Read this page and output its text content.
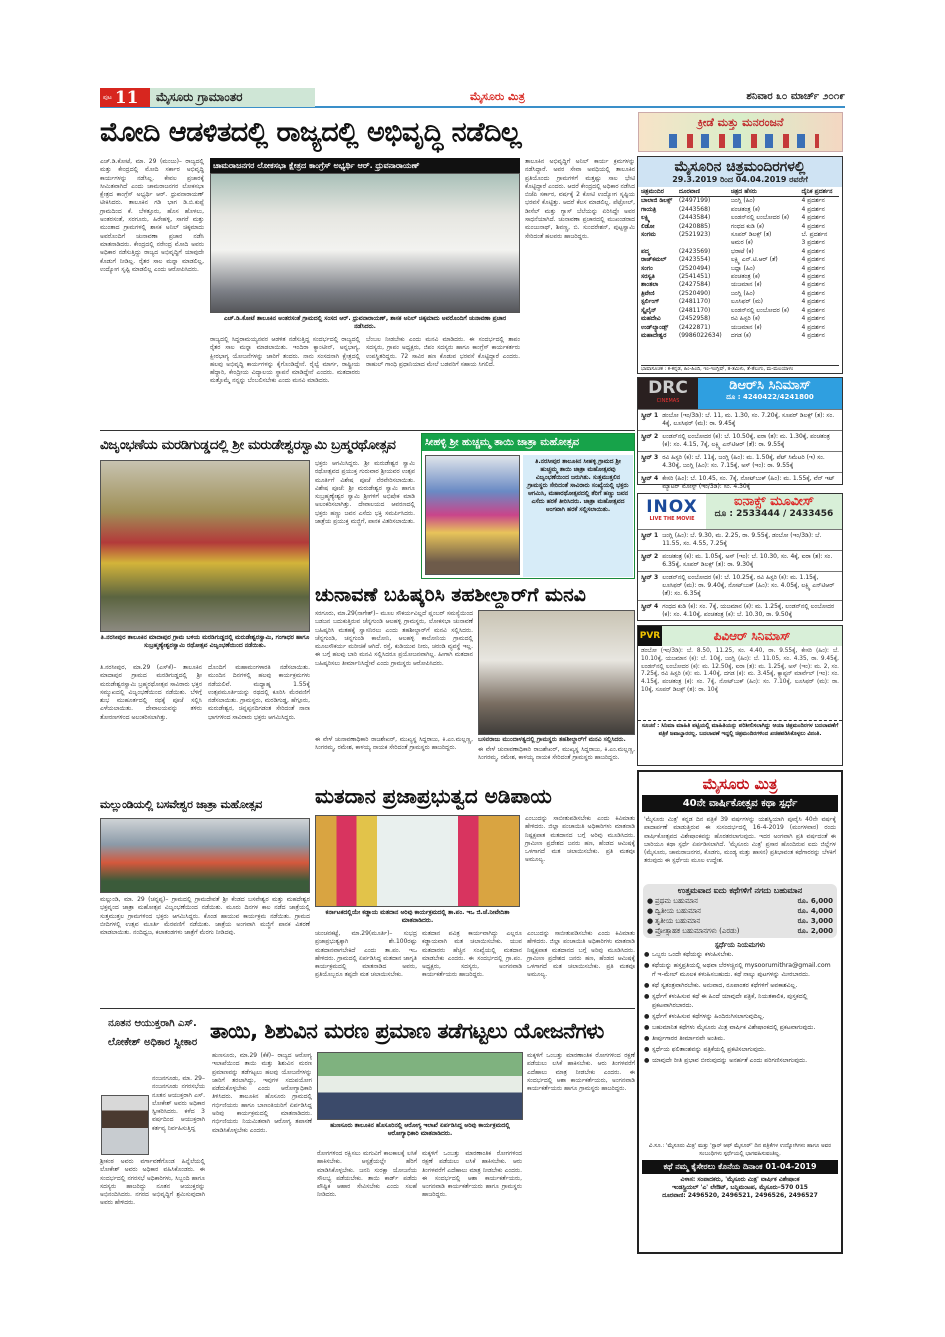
ಪುಟ 11	ಮೈಸೂರು ಗ್ರಾಮಾಂತರ	ಮೈಸೂರು ಮಿತ್ರ	ಶನಿವಾರ ೩೦ ಮಾರ್ಚ್ ೨೦೧೯
ಮೋದಿ ಆಡಳಿತದಲ್ಲಿ ರಾಜ್ಯದಲ್ಲಿ ಅಭಿವೃದ್ಧಿ ನಡೆದಿಲ್ಲ	ಕ್ರೀಡೆ ಮತ್ತು ಮನರಂಜನೆ
ಎಚ್.ಡಿ.ಕೋಟೆ, ಮಾ. 29 (ಮಂಜು)– ರಾಜ್ಯದಲ್ಲಿ ಮತ್ತು ಕೇಂದ್ರದಲ್ಲಿ ಮೋದಿ ಸರ್ಕಾರ ಅಭಿವೃದ್ಧಿ ಕಾರ್ಯಗಳನ್ನು ನಡೆಸಿಲ್ಲ. ಕೇವಲ ಪ್ರಚಾರಕ್ಕೆ ಸೀಮಿತವಾಗಿದೆ ಎಂದು ಚಾಮರಾಜನಗರ ಲೋಕಸಭಾ ಕ್ಷೇತ್ರದ ಕಾಂಗ್ರೆಸ್ ಅಭ್ಯರ್ಥಿ ಆರ್. ಧ್ರುವನಾರಾಯಣ್ ಟೀಕಿಸಿದರು. ತಾಲೂಕಿನ ಗಡಿ ಭಾಗ ಡಿ.ಬಿ.ಕುಪ್ಪೆ ಗ್ರಾಮದಿಂದ ಕೆ. ಬೆಳತ್ತೂರು, ಹೊಸ ಹೊಳಲು, ಅಂತರಸಂತೆ, ಸರಗೂರು, ಹಿರೇಹಳ್ಳಿ, ಸಾಗರೆ ಮತ್ತು ಮುಂತಾದ ಗ್ರಾಮಗಳಲ್ಲಿ ಶಾಸಕ ಅನಿಲ್ ಚಿಕ್ಕಮಾದು ಅವರೊಂದಿಗೆ ಚುನಾವಣಾ ಪ್ರಚಾರ ನಡೆಸಿ ಮಾತನಾಡಿದರು. ಕೇಂದ್ರದಲ್ಲಿ ನರೇಂದ್ರ ಮೋದಿ ಅವರು ಅಧಿಕಾರ ನಡೆಸುತ್ತಿದ್ದು ರಾಜ್ಯದ ಅಭಿವೃದ್ಧಿಗೆ ಯಾವುದೇ ಕೊಡುಗೆ ನೀಡಿಲ್ಲ. ರೈತರ ಸಾಲ ಮನ್ನಾ ಮಾಡಲಿಲ್ಲ, ಉದ್ಯೋಗ ಸೃಷ್ಟಿ ಮಾಡಲಿಲ್ಲ ಎಂದು ಆರೋಪಿಸಿದರು.
ಚಾಮರಾಜನಗರ ಲೋಕಸಭಾ ಕ್ಷೇತ್ರದ ಕಾಂಗ್ರೆಸ್ ಅಭ್ಯರ್ಥಿ ಆರ್. ಧ್ರುವನಾರಾಯಣ್
ಎಚ್.ಡಿ.ಕೋಟೆ ತಾಲೂಕಿನ ಅಂತರಸಂತೆ ಗ್ರಾಮದಲ್ಲಿ ಸಂಸದ ಆರ್. ಧ್ರುವನಾರಾಯಣ್, ಶಾಸಕ ಅನಿಲ್ ಚಿಕ್ಕಮಾದು ಅವರೊಂದಿಗೆ ಚುನಾವಣಾ ಪ್ರಚಾರ ನಡೆಸಿದರು.
ರಾಜ್ಯದಲ್ಲಿ ಸಿದ್ದರಾಮಯ್ಯನವರ ಆಡಳಿತ ನಡೆಸುತ್ತಿದ್ದ ಸಂದರ್ಭದಲ್ಲಿ ರಾಜ್ಯದಲ್ಲಿ ರೈತರ ಸಾಲ ಮನ್ನಾ ಮಾಡಲಾಯಿತು. ಇಂದಿರಾ ಕ್ಯಾಂಟೀನ್, ಅನ್ನಭಾಗ್ಯ, ಕ್ಷೀರಭಾಗ್ಯ ಯೋಜನೆಗಳನ್ನು ಜಾರಿಗೆ ತಂದರು. ನಾನು ಸಂಸದನಾಗಿ ಕ್ಷೇತ್ರದಲ್ಲಿ ಹಲವು ಅಭಿವೃದ್ಧಿ ಕಾರ್ಯಗಳನ್ನು ಕೈಗೊಂಡಿದ್ದೇನೆ. ರೈಲ್ವೆ ಮಾರ್ಗ, ರಾಷ್ಟ್ರೀಯ ಹೆದ್ದಾರಿ, ಕೇಂದ್ರೀಯ ವಿದ್ಯಾಲಯ ಸ್ಥಾಪನೆ ಮಾಡಿದ್ದೇನೆ ಎಂದರು. ಮತದಾರರು ಮತ್ತೊಮ್ಮೆ ನನ್ನನ್ನು ಬೆಂಬಲಿಸಬೇಕು ಎಂದು ಮನವಿ ಮಾಡಿದರು.
ಬೆಂಬಲ ನೀಡಬೇಕು ಎಂದು ಮನವಿ ಮಾಡಿದರು. ಈ ಸಂದರ್ಭದಲ್ಲಿ ತಾಪಂ ಸದಸ್ಯರು, ಗ್ರಾಪಂ ಅಧ್ಯಕ್ಷರು, ಜಿಪಂ ಸದಸ್ಯರು ಹಾಗೂ ಕಾಂಗ್ರೆಸ್ ಕಾರ್ಯಕರ್ತರು ಉಪಸ್ಥಿತರಿದ್ದರು. 72 ಸಾವಿರ ಹಣ ಕೊಡುವ ಭರವಸೆ ಕೊಟ್ಟಿದ್ದಾರೆ ಎಂದರು. ರಾಹುಲ್ ಗಾಂಧಿ ಪ್ರಧಾನಿಯಾದ ಮೇಲೆ ಬಡವರಿಗೆ ಸಹಾಯ ಸಿಗಲಿದೆ.
ತಾಲೂಕಿನ ಅಭಿವೃದ್ಧಿಗೆ ಅನಿಲ್ ಕಾರ್ಯ ಕ್ರಮಗಳನ್ನು ನಡೆಸಿದ್ದಾರೆ. ಅವರ ಸೇವಾ ಅವಧಿಯಲ್ಲಿ ತಾಲೂಕಿನ ಪ್ರತಿಯೊಂದು ಗ್ರಾಮಗಳಿಗೆ ಮತ್ತಷ್ಟು ಸಾಲ ಭೇಟಿ ಕೊಟ್ಟಿದ್ದಾರೆ ಎಂದರು. ಆದರೆ ಕೇಂದ್ರದಲ್ಲಿ ಅಧಿಕಾರ ನಡೆಸಿದ ಬಿಜೆಪಿ ಸರ್ಕಾರ, ವರ್ಷಕ್ಕೆ 2 ಕೋಟಿ ಉದ್ಯೋಗ ಸೃಷ್ಟಿಯ ಭರವಸೆ ಕೊಟ್ಟಿತ್ತು. ಆದರೆ ಕೆಲಸ ಮಾಡಲಿಲ್ಲ. ಪೆಟ್ರೋಲ್, ಡೀಸೆಲ್ ಮತ್ತು ಗ್ಯಾಸ್ ಬೆಲೆಯನ್ನು ಏರಿಸಿದ್ದೇ ಅವರ ಸಾಧನೆಯಾಗಿದೆ. ಚುನಾವಣಾ ಪ್ರಚಾರದಲ್ಲಿ ಮುಖಂಡರಾದ ಮಂಜುನಾಥ್, ಶಿವಣ್ಣ, ಬಿ. ಸುಂದರೇಶನ್, ಪುಟ್ಟಸ್ವಾಮಿ ಸೇರಿದಂತೆ ಹಲವರು ಹಾಜರಿದ್ದರು.
ಮೈಸೂರಿನ ಚಿತ್ರಮಂದಿರಗಳಲ್ಲಿ
29.3.2019 ರಿಂದ 04.04.2019 ರವರೆಗೆ
ಚಿತ್ರಮಂದಿರ	ದೂರವಾಣಿ	ಚಿತ್ರದ ಹೆಸರು	ದೈನಿಕ ಪ್ರದರ್ಶನ
ಬಾಲಾಜಿ ಡಿಲಕ್ಸ್	(2497199)	ಜಂಗ್ಲಿ (ಹಿಂ)	4 ಪ್ರದರ್ಶನ
ಗಾಯತ್ರಿ	(2443568)	ಪಂಚತಂತ್ರ (ಕ)	4 ಪ್ರದರ್ಶನ
ಲಕ್ಷ್ಮಿ	(2443584)	ಲಂಡನ್‌ನಲ್ಲಿ ಲಂಬೋದರ (ಕ)	4 ಪ್ರದರ್ಶನ
ಲಿಡೋ	(2420885)	ಗಂಧದ ಕುಡಿ (ಕ)	4 ಪ್ರದರ್ಶನ
ಸಂಗಮ	(2521923)	ಸೂಪರ್ ಡಿಲಕ್ಸ್ (ತ)	ಬೆ. ಪ್ರದರ್ಶನ
		ಅಮರ (ಕ)	3 ಪ್ರದರ್ಶನ
ಪದ್ಮ	(2423569)	ಭರಾಟೆ (ಕ)	4 ಪ್ರದರ್ಶನ
ರಾಜ್‌ಕಮಲ್	(2423554)	ಲಕ್ಷ್ಮಿ ಎನ್.ಟಿ.ಆರ್ (ತೆ)	4 ಪ್ರದರ್ಶನ
ಸಂಗಂ	(2520494)	ಬದ್ಲಾ (ಹಿಂ)	4 ಪ್ರದರ್ಶನ
ಸರಸ್ವತಿ	(2541451)	ಪಂಚತಂತ್ರ (ಕ)	4 ಪ್ರದರ್ಶನ
ಶಾಂತಲಾ	(2427584)	ಯಜಮಾನ (ಕ)	4 ಪ್ರದರ್ಶನ
ತ್ರಿವೇಣಿ	(2520490)	ಜಂಗ್ಲಿ (ಹಿಂ)	4 ಪ್ರದರ್ಶನ
ಸ್ಟರ್ಲಿಂಗ್	(2481170)	ಲೂಸಿಫರ್ (ಮ)	4 ಪ್ರದರ್ಶನ
ಸ್ಕೈಲೈನ್	(2481170)	ಲಂಡನ್‌ನಲ್ಲಿ ಲಂಬೋದರ (ಕ)	4 ಪ್ರದರ್ಶನ
ಮಹದೇವಿ	(2452958)	ರವಿ ಹಿಸ್ಟರಿ (ಕ)	4 ಪ್ರದರ್ಶನ
ಉಡ್‌ಲ್ಯಾಂಡ್ಸ್	(2422871)	ಯಜಮಾನ (ಕ)	4 ಪ್ರದರ್ಶನ
ಮಹಾದೇಶ್ವರ	(9986022634)	ದಗಡ (ಕ)	4 ಪ್ರದರ್ಶನ
ಭಾಷಾಸೂಚಕ : ಕ-ಕನ್ನಡ, ಹಿಂ-ಹಿಂದಿ, ಇಂ-ಇಂಗ್ಲಿಷ್, ತ-ತಮಿಳು, ತೆ-ತೆಲುಗು, ಮ-ಮಲಯಾಳಂ
DRC
CINEMAS
ಡಿಆರ್‌ಸಿ ಸಿನಿಮಾಸ್
ದೂ : 4240422/4241800
ಸ್ಕ್ರೀನ್ 1 ಡಂಬೋ (ಇಂ/3ಡಿ): ಬೆ. 11, ಮ. 1.30, ಸಂ. 7.20ಕ್ಕೆ, ಸೂಪರ್ ಡಿಲಕ್ಸ್ (ತ): ಸಂ. 4ಕ್ಕೆ, ಲೂಸಿಫರ್ (ಮ): ರಾ. 9.45ಕ್ಕೆ
ಸ್ಕ್ರೀನ್ 2 ಲಂಡನ್‌ನಲ್ಲಿ ಲಂಬೋದರ (ಕ): ಬೆ. 10.50ಕ್ಕೆ, ಐರಾ (ತ): ಮ. 1.30ಕ್ಕೆ, ಪಂಚತಂತ್ರ (ಕ): ಸಂ. 4.15, 7ಕ್ಕೆ, ಲಕ್ಷ್ಮಿ ಎನ್‌ಟಿಆರ್ (ತೆ): ರಾ. 9.55ಕ್ಕೆ
ಸ್ಕ್ರೀನ್ 3 ರವಿ ಹಿಸ್ಟರಿ (ಕ): ಬೆ. 11ಕ್ಕೆ, ಜಂಗ್ಲಿ (ಹಿಂ): ಮ. 1.50ಕ್ಕೆ, ಪೆಟ್ ಸಿಮೆಟರಿ (ಇ) ಸಂ. 4.30ಕ್ಕೆ, ಜಂಗ್ಲಿ (ಹಿಂ): ಸಂ. 7.15ಕ್ಕೆ, ಅಸ್ (ಇಂ): ರಾ. 9.55ಕ್ಕೆ
ಸ್ಕ್ರೀನ್ 4 ಕೇಸರಿ (ಹಿಂ): ಬೆ. 10.45, ಸಂ. 7ಕ್ಕೆ, ನೋಟ್‌ಬುಕ್ (ಹಿಂ): ಮ. 1.55ಕ್ಕೆ, ವೆನ್ ಇಟ್ ಮ್ಯಾಟರ್ ಮೋಸ್ಟ್ (ಇಂ/3ಡಿ): ಸಂ. 4.30ಕ್ಕೆ
INOX
LIVE THE MOVIE
ಐನಾಕ್ಸ್ ಮೂವೀಸ್
ದೂ : 2533444 / 2433456
ಸ್ಕ್ರೀನ್ 1 ಜಂಗ್ಲಿ (ಹಿಂ): ಬೆ. 9.30, ಮ. 2.25, ರಾ. 9.55ಕ್ಕೆ, ಡಂಬೋ (ಇಂ/3ಡಿ): ಬೆ. 11.55, ಸಂ. 4.55, 7.25ಕ್ಕೆ
ಸ್ಕ್ರೀನ್ 2 ಪಂಚತಂತ್ರ (ಕ): ಮ. 1.05ಕ್ಕೆ, ಅಸ್ (ಇಂ): ಬೆ. 10.30, ಸಂ. 4ಕ್ಕೆ, ಐರಾ (ತ): ಸಂ. 6.35ಕ್ಕೆ, ಸೂಪರ್ ಡಿಲಕ್ಸ್ (ತ): ರಾ. 9.30ಕ್ಕೆ
ಸ್ಕ್ರೀನ್ 3 ಲಂಡನ್‌ನಲ್ಲಿ ಲಂಬೋದರ (ಕ): ಬೆ. 10.25ಕ್ಕೆ, ರವಿ ಹಿಸ್ಟರಿ (ಕ): ಮ. 1.15ಕ್ಕೆ, ಲೂಸಿಫರ್ (ಮ): ರಾ. 9.40ಕ್ಕೆ, ನೋಟ್‌ಬುಕ್ (ಹಿಂ): ಸಂ. 4.05ಕ್ಕೆ, ಲಕ್ಷ್ಮಿ ಎನ್‌ಟಿಆರ್ (ತೆ): ಸಂ. 6.35ಕ್ಕೆ
ಸ್ಕ್ರೀನ್ 4 ಗಂಧದ ಕುಡಿ (ಕ): ಸಂ. 7ಕ್ಕೆ, ಯಜಮಾನ (ಕ): ಮ. 1.25ಕ್ಕೆ, ಲಂಡನ್‌ನಲ್ಲಿ ಲಂಬೋದರ (ಕ): ಸಂ. 4.10ಕ್ಕೆ, ಪಂಚತಂತ್ರ (ಕ): ಬೆ. 10.30, ರಾ. 9.50ಕ್ಕೆ
PVR	ಪಿವಿಆರ್ ಸಿನಿಮಾಸ್
ಡಂಬೋ (ಇಂ/3ಡಿ): ಬೆ. 8.50, 11.25, ಸಂ. 4.40, ರಾ. 9.55ಕ್ಕೆ, ಕೇಸರಿ (ಹಿಂ): ಬೆ. 10.10ಕ್ಕೆ, ಯಜಮಾನ (ಕ): ಬೆ. 10ಕ್ಕೆ, ಜಂಗ್ಲಿ (ಹಿಂ): ಬೆ. 11.05, ಸಂ. 4.35, ರಾ. 9.45ಕ್ಕೆ, ಲಂಡನ್‌ನಲ್ಲಿ ಲಂಬೋದರ (ಕ): ಮ. 12.50ಕ್ಕೆ, ಐರಾ (ತ): ಮ. 1.25ಕ್ಕೆ, ಅಸ್ (ಇಂ): ಮ. 2, ಸಂ. 7.25ಕ್ಕೆ, ರವಿ ಹಿಸ್ಟರಿ (ಕ): ಮ. 1.40ಕ್ಕೆ, ದಗಡ (ಕ): ಮ. 3.45ಕ್ಕೆ, ಕ್ಯಾಪ್ಟನ್ ಮಾರ್ವೆಲ್ (ಇಂ): ಸಂ. 4.15ಕ್ಕೆ, ಪಂಚತಂತ್ರ (ಕ): ಸಂ. 7ಕ್ಕೆ, ನೋಟ್‌ಬುಕ್ (ಹಿಂ): ಸಂ. 7.10ಕ್ಕೆ, ಲೂಸಿಫರ್ (ಮ): ರಾ. 10ಕ್ಕೆ, ಸೂಪರ್ ಡಿಲಕ್ಸ್ (ತ): ರಾ. 10ಕ್ಕೆ
ಸೂಚನೆ : ಸಿನಿಮಾ ಮಾಹಿತಿ ಪಟ್ಟಿಯಲ್ಲಿ ಮಾಹಿತಿಯನ್ನು ಪರಿಶೀಲಿಸಲಾಗಿದ್ದು ಆಯಾ ಚಿತ್ರಮಂದಿರಗಳ ಬದಲಾವಣೆಗೆ ಪತ್ರಿಕೆ ಜವಾಬ್ದಾರರಲ್ಲ. ಬದಲಾವಣೆ ಇದ್ದಲ್ಲಿ ಚಿತ್ರಮಂದಿರಗಳಿಂದ ಖಚಿತಪಡಿಸಿಕೊಳ್ಳಲು ವಿನಂತಿ.
ಮೈಸೂರು ಮಿತ್ರ
40ನೇ ವಾರ್ಷಿಕೋತ್ಸವ ಕಥಾ ಸ್ಪರ್ಧೆ
'ಮೈಸೂರು ಮಿತ್ರ' ಕನ್ನಡ ದಿನ ಪತ್ರಿಕೆ 39 ವರ್ಷಗಳನ್ನು ಯಶಸ್ವಿಯಾಗಿ ಪೂರೈಸಿ 40ನೇ ವರ್ಷಕ್ಕೆ ಪಾದಾರ್ಪಣೆ ಮಾಡುತ್ತಿರುವ ಈ ಸುಸಂದರ್ಭದಲ್ಲಿ 16-4-2019 (ಮಂಗಳವಾರ) ರಂದು ವಾರ್ಷಿಕೋತ್ಸವದ ವಿಶೇಷಾಂಕವನ್ನು ಹೊರತರಲಾಗುವುದು. ಇದರ ಅಂಗವಾಗಿ ಪ್ರತಿ ವರ್ಷದಂತೆ ಈ ಬಾರಿಯೂ ಕಥಾ ಸ್ಪರ್ಧೆ ಏರ್ಪಡಿಸಲಾಗಿದೆ. 'ಮೈಸೂರು ಮಿತ್ರ' ಪ್ರಸಾರ ಹೊಂದಿರುವ ಐದು ಜಿಲ್ಲೆಗಳ (ಮೈಸೂರು, ಚಾಮರಾಜನಗರ, ಕೊಡಗು, ಮಂಡ್ಯ ಮತ್ತು ಹಾಸನ) ಪ್ರತಿಭಾವಂತ ಕಥೆಗಾರರನ್ನು ಬೆಳಕಿಗೆ ತರುವುದು ಈ ಸ್ಪರ್ಧೆಯ ಮೂಲ ಉದ್ದೇಶ.
ಉತ್ತಮವಾದ ಐದು ಕಥೆಗಳಿಗೆ ನಗದು ಬಹುಮಾನ
● ಪ್ರಥಮ ಬಹುಮಾನ	ರೂ. 6,000
● ದ್ವಿತೀಯ ಬಹುಮಾನ	ರೂ. 4,000
● ತೃತೀಯ ಬಹುಮಾನ	ರೂ. 3,000
● ಪ್ರೋತ್ಸಾಹಕ ಬಹುಮಾನಗಳು (ಎರಡು)	ರೂ. 2,000
ಸ್ಪರ್ಧೆಯ ನಿಯಮಗಳು
● ಒಬ್ಬರು ಒಂದೇ ಕಥೆಯನ್ನು ಕಳುಹಿಸಬೇಕು.
● ಕಥೆಯನ್ನು ಹಸ್ತಪ್ರತಿಯಲ್ಲಿ ಅಥವಾ ಬೆರಳಚ್ಚಿನಲ್ಲಿ mysoorumithra@gmail.com ಗೆ ಇ-ಮೇಲ್ ಮೂಲಕ ಕಳುಹಿಸಬಹುದು. ಕಥೆ ನಾಲ್ಕು ಪುಟಗಳನ್ನು ಮೀರಬಾರದು.
● ಕಥೆ ಸ್ವತಂತ್ರವಾಗಿರಬೇಕು. ಅನುವಾದ, ರೂಪಾಂತರ ಕಥೆಗಳಿಗೆ ಅವಕಾಶವಿಲ್ಲ.
● ಸ್ಪರ್ಧೆಗೆ ಕಳುಹಿಸುವ ಕಥೆ ಈ ಹಿಂದೆ ಯಾವುದೇ ಪತ್ರಿಕೆ, ನಿಯತಕಾಲಿಕ, ಪುಸ್ತಕದಲ್ಲಿ ಪ್ರಕಟವಾಗಿರಬಾರದು.
● ಸ್ಪರ್ಧೆಗೆ ಕಳುಹಿಸುವ ಕಥೆಗಳನ್ನು ಹಿಂದಿರುಗಿಸಲಾಗುವುದಿಲ್ಲ.
● ಬಹುಮಾನಿತ ಕಥೆಗಳು ಮೈಸೂರು ಮಿತ್ರ ವಾರ್ಷಿಕ ವಿಶೇಷಾಂಕದಲ್ಲಿ ಪ್ರಕಟವಾಗುವುದು.
● ತೀರ್ಪುಗಾರರ ತೀರ್ಮಾನವೇ ಅಂತಿಮ.
● ಸ್ಪರ್ಧೆಯ ಫಲಿತಾಂಶವನ್ನು ಪತ್ರಿಕೆಯಲ್ಲಿ ಪ್ರಕಟಿಸಲಾಗುವುದು.
● ಯಾವುದೇ ರೀತಿ ಪ್ರಭಾವ ಬೀರುವುದನ್ನು ಅನರ್ಹತೆ ಎಂದು ಪರಿಗಣಿಸಲಾಗುವುದು.
ವಿ.ಸೂ.: 'ಮೈಸೂರು ಮಿತ್ರ' ಮತ್ತು 'ಸ್ಟಾರ್ ಆಫ್ ಮೈಸೂರ್' ದಿನ ಪತ್ರಿಕೆಗಳ ಉದ್ಯೋಗಿಗಳು ಹಾಗೂ ಅವರ ಸಂಬಂಧಿಗಳು ಸ್ಪರ್ಧೆಯಲ್ಲಿ ಭಾಗವಹಿಸುವಂತಿಲ್ಲ.
ಕಥೆ ನಮ್ಮ ಕೈಸೇರಲು ಕೊನೆಯ ದಿನಾಂಕ 01-04-2019
ವಿಳಾಸ: ಸಂಪಾದಕರು, 'ಮೈಸೂರು ಮಿತ್ರ' ವಾರ್ಷಿಕ ವಿಶೇಷಾಂಕ
ಇಂಡಸ್ಟ್ರಿಯಲ್ 'ಎ' ಲೇಔಟ್, ಬನ್ನಿಮಂಟಪ, ಮೈಸೂರು–570 015
ದೂರವಾಣಿ: 2496520, 2496521, 2496526, 2496527
ವಿಜೃಂಭಣೆಯ ಮರಡಿಗುಡ್ಡದಲ್ಲಿ ಶ್ರೀ ಮರುಡೇಶ್ವರಸ್ವಾಮಿ ಬ್ರಹ್ಮರಥೋತ್ಸವ
ತಿ.ನರಸೀಪುರ ತಾಲೂಕಿನ ಮಾದಾಪುರ ಗ್ರಾಮ ಬಳಿಯ ಮರಡಿಗುಡ್ಡದಲ್ಲಿ ಮರುಡೇಶ್ವರಸ್ವಾಮಿ, ಗಂಗಾಧರ ಹಾಗೂ ಸುಬ್ರಹ್ಮಣ್ಯೇಶ್ವರಸ್ವಾಮಿ ರಥೋತ್ಸವ ವಿಜೃಂಭಣೆಯಿಂದ ನಡೆಯಿತು.
ಭಕ್ತರು ಆಗಮಿಸಿದ್ದರು. ಶ್ರೀ ಮರುಡೇಶ್ವರ ಸ್ವಾಮಿ ರಥೋತ್ಸವದ ಪ್ರಯುಕ್ತ ಗುರುವಾರ ಶ್ರೀಯವರ ಉತ್ಸವ ಮೂರ್ತಿಗೆ ವಿಶೇಷ ಪೂಜೆ ನೆರವೇರಿಸಲಾಯಿತು. ವಿಶೇಷ ಪೂಜೆ: ಶ್ರೀ ಮರುಡೇಶ್ವರ ಸ್ವಾಮಿ ಹಾಗೂ ಸುಬ್ರಹ್ಮಣ್ಯೇಶ್ವರ ಸ್ವಾಮಿ ಶ್ರೀಗಳಿಗೆ ಅಭಿಷೇಕ ಮಾಡಿ ಅಲಂಕರಿಸಲಾಗಿತ್ತು. ದೇವಾಲಯದ ಆವರಣದಲ್ಲಿ ಭಕ್ತರು ಹಣ್ಣು ಜವನ ಎಸೆದು ಭಕ್ತಿ ಸಮರ್ಪಿಸಿದರು. ಜಾತ್ರೆಯ ಪ್ರಯುಕ್ತ ಮಜ್ಜಿಗೆ, ಪಾನಕ ವಿತರಿಸಲಾಯಿತು.
ತಿ.ನರಸೀಪುರ, ಮಾ.29 (ಎಸ್‌ಕೆ)– ತಾಲೂಕಿನ ಮಾದಾಪುರ ಗ್ರಾಮದ ಮರಡಿಗುಡ್ಡದಲ್ಲಿ ಶ್ರೀ ಮರುಡೇಶ್ವರಸ್ವಾಮಿ ಬ್ರಹ್ಮರಥೋತ್ಸವ ಸಾವಿರಾರು ಭಕ್ತರ ಸಮ್ಮುಖದಲ್ಲಿ ವಿಜೃಂಭಣೆಯಿಂದ ನಡೆಯಿತು. ಬೆಳಿಗ್ಗೆ ಶುಭ ಮುಹೂರ್ತದಲ್ಲಿ ರಥಕ್ಕೆ ಪೂಜೆ ಸಲ್ಲಿಸಿ ಎಳೆಯಲಾಯಿತು. ದೇವಾಲಯವನ್ನು ತಳಿರು ತೋರಣಗಳಿಂದ ಅಲಂಕರಿಸಲಾಗಿತ್ತು.
ದೊಂದಿಗೆ ಮಹಾಮಂಗಳಾರತಿ ನಡೆಸಲಾಯಿತು. ಮುಂದಿನ ದಿನಗಳಲ್ಲಿ ಹಲವು ಕಾರ್ಯಕ್ರಮಗಳು ನಡೆಯಲಿವೆ. ಮಧ್ಯಾಹ್ನ 1.55ಕ್ಕೆ ಉತ್ಸವಮೂರ್ತಿಯನ್ನು ರಥದಲ್ಲಿ ಕೂರಿಸಿ ಮೆರವಣಿಗೆ ನಡೆಸಲಾಯಿತು. ಗ್ರಾಮಸ್ಥರು, ಮರಡಿಗುಡ್ಡ, ಹೆಗ್ಗೂರು, ಮರುಡೇಶ್ವರ, ಚಿನ್ನಪ್ಪನದಿಗಡಂತ ಸೇರಿದಂತೆ ನಾನಾ ಭಾಗಗಳಿಂದ ಸಾವಿರಾರು ಭಕ್ತರು ಆಗಮಿಸಿದ್ದರು.
ಸೀಹಳ್ಳಿ ಶ್ರೀ ಹುಚ್ಚಮ್ಮ ತಾಯಿ ಜಾತ್ರಾ ಮಹೋತ್ಸವ
ತಿ.ನರಸೀಪುರ ತಾಲೂಕಿನ ಸೀಹಳ್ಳಿ ಗ್ರಾಮದ ಶ್ರೀ ಹುಚ್ಚಮ್ಮ ತಾಯಿ ಜಾತ್ರಾ ಮಹೋತ್ಸವವು ವಿಜೃಂಭಣೆಯಿಂದ ಜರುಗಿತು. ಸುತ್ತಮುತ್ತಲಿನ ಗ್ರಾಮಸ್ಥರು ಸೇರಿದಂತೆ ಸಾವಿರಾರು ಸಂಖ್ಯೆಯಲ್ಲಿ ಭಕ್ತರು ಆಗಮಿಸಿ, ಮಹಾರಥೋತ್ಸವದಲ್ಲಿ ತೆರಿಗೆ ಹಣ್ಣು ಜವನ ಎಸೆದು ಹರಕೆ ತೀರಿಸಿದರು. ಜಾತ್ರಾ ಮಹೋತ್ಸವದ ಅಂಗವಾಗಿ ಹರಕೆ ಸಲ್ಲಿಸಲಾಯಿತು.
ಚುನಾವಣೆ ಬಹಿಷ್ಕರಿಸಿ ತಹಶೀಲ್ದಾರ್‌ಗೆ ಮನವಿ
ಸರಗೂರು, ಮಾ.29(ನಾಗೇಶ್)– ಮೂಲ ಸೌಕರ್ಯವಿಲ್ಲದೆ ಪ್ಲಂಬರ್ ಸಮಸ್ಯೆಯಿಂದ ಬಡಜನ ಬದುಕುತ್ತಿರುವ ಚೆನ್ನಗುಂಡಿ ಆಲಹಳ್ಳಿ ಗ್ರಾಮಸ್ಥರು, ಲೋಕಸಭಾ ಚುನಾವಣೆ ಬಹಿಷ್ಕರಿಸಿ ಮತಹಕ್ಕೆ ಸ್ವಾಸನಿರಲು ಎಂದು ತಹಶೀಲ್ದಾರ್‌ಗೆ ಮನವಿ ಸಲ್ಲಿಸಿದರು. ಚೆನ್ನಗುಂಡಿ, ಚನ್ನಗುಂಡಿ ಕಾಲೋನಿ, ಆಲಹಳ್ಳಿ ಕಾಲೋನಿಯ ಗ್ರಾಮದಲ್ಲಿ ಮೂಲಸೌಕರ್ಯ ಮರೀಚಿಕೆ ಆಗಿದೆ. ರಸ್ತೆ, ಕುಡಿಯುವ ನೀರು, ಚರಂಡಿ ವ್ಯವಸ್ಥೆ ಇಲ್ಲ. ಈ ಬಗ್ಗೆ ಹಲವು ಬಾರಿ ಮನವಿ ಸಲ್ಲಿಸಿದರೂ ಪ್ರಯೋಜನವಾಗಿಲ್ಲ. ಹೀಗಾಗಿ ಮತದಾನ ಬಹಿಷ್ಕರಿಸಲು ತೀರ್ಮಾನಿಸಿದ್ದೇವೆ ಎಂದು ಗ್ರಾಮಸ್ಥರು ಆರೋಪಿಸಿದರು.
ಬಸವರಾಜು ಮುಂದಾಳತ್ವದಲ್ಲಿ ಗ್ರಾಮಸ್ಥರು ತಹಶೀಲ್ದಾರ್‌ಗೆ ಮನವಿ ಸಲ್ಲಿಸಿದರು.
ಈ ವೇಳೆ ಚುನಾವಣಾಧಿಕಾರಿ ರಾಜಶೇಖರ್, ಮುಖ್ಯಸ್ಥ ಸಿದ್ದರಾಜು, ಕಿ.ಎಂ.ಮಲ್ಲಣ್ಣ, ಸಿಂಗರಮ್ಮ, ರಮೇಶ, ಕಾಳಯ್ಯ ನಾಯಕ ಸೇರಿದಂತೆ ಗ್ರಾಮಸ್ಥರು ಹಾಜರಿದ್ದರು.	ಈ ವೇಳೆ ಚುನಾವಣಾಧಿಕಾರಿ ರಾಜಶೇಖರ್, ಮುಖ್ಯಸ್ಥ ಸಿದ್ದರಾಜು, ಕಿ.ಎಂ.ಮಲ್ಲಣ್ಣ, ಸಿಂಗರಮ್ಮ, ರಮೇಶ, ಕಾಳಯ್ಯ ನಾಯಕ ಸೇರಿದಂತೆ ಗ್ರಾಮಸ್ಥರು ಹಾಜರಿದ್ದರು.
ಮಲ್ಲುಂಡಿಯಲ್ಲಿ ಬಸವೇಶ್ವರ ಜಾತ್ರಾ ಮಹೋತ್ಸವ
ಮಲ್ಲುಂಡಿ, ಮಾ. 29 (ಚನ್ನಪ್ಪ)– ಗ್ರಾಮದಲ್ಲಿ ಗ್ರಾಮದೇವತೆ ಶ್ರೀ ಕೆಂಡದ ಬಸವೇಶ್ವರ ಮತ್ತು ಮಹದೇಶ್ವರ ಭಕ್ತವೃಂದ ಜಾತ್ರಾ ಮಹೋತ್ಸವ ವಿಜೃಂಭಣೆಯಿಂದ ನಡೆಯಿತು. ಮೂರು ದಿನಗಳ ಕಾಲ ನಡೆದ ಜಾತ್ರೆಯಲ್ಲಿ ಸುತ್ತಮುತ್ತಲ ಗ್ರಾಮಗಳಿಂದ ಭಕ್ತರು ಆಗಮಿಸಿದ್ದರು. ಕೊಂಡ ಹಾಯುವ ಕಾರ್ಯಕ್ರಮ ನಡೆಯಿತು. ಗ್ರಾಮದ ಬೀದಿಗಳಲ್ಲಿ ಉತ್ಸವ ಮೂರ್ತಿ ಮೆರವಣಿಗೆ ನಡೆಯಿತು. ಜಾತ್ರೆಯ ಅಂಗವಾಗಿ ಮಜ್ಜಿಗೆ ಪಾನಕ ವಿತರಣೆ ಮಾಡಲಾಯಿತು. ನಂದಿಧ್ವಜ, ಕಲಾತಂಡಗಳು ಜಾತ್ರೆಗೆ ಮೆರಗು ನೀಡಿದವು.
ಮತದಾನ ಪ್ರಜಾಪ್ರಭುತ್ವದ ಅಡಿಪಾಯ
ಕರ್ನಾಟಕದಲ್ಲಿಯೇ ಕಡ್ಡಾಯ ಮತದಾನ ಅರಿವು ಕಾರ್ಯಕ್ರಮದಲ್ಲಿ ತಾ.ಪಂ. ಇಒ ಜಿ.ಜೆ.ನೀವೇದಿತಾ ಮಾತನಾಡಿದರು.
ಎಂಬುದನ್ನು ಸಾಬೀತುಪಡಿಸಬೇಕು ಎಂದು ಕಿವಿಮಾತು ಹೇಳಿದರು. ಜಿಲ್ಲಾ ಪಂಚಾಯಿತಿ ಅಧಿಕಾರಿಗಳು ಮಾತನಾಡಿ ನಿಷ್ಪಕ್ಷಪಾತ ಮತದಾನದ ಬಗ್ಗೆ ಅರಿವು ಮೂಡಿಸಿದರು. ಗ್ರಾಮೀಣ ಪ್ರದೇಶದ ಜನರು ಹಣ, ಹೆಂಡದ ಆಮಿಷಕ್ಕೆ ಒಳಗಾಗದೆ ಮತ ಚಲಾಯಿಸಬೇಕು. ಪ್ರತಿ ಮತವೂ ಅಮೂಲ್ಯ.
ಚುಂಚನಕಟ್ಟೆ, ಮಾ.29(ಮೂರ್ತಿ)– ಸುಭದ್ರ ಪ್ರಜಾಪ್ರಭುತ್ವಕ್ಕಾಗಿ ಶೇ.100ರಷ್ಟು ಮತದಾನವಾಗಬೇಕಿದೆ ಎಂದು ತಾ.ಪಂ. ಇಒ ಹೇಳಿದರು. ಗ್ರಾಮದಲ್ಲಿ ಏರ್ಪಡಿಸಿದ್ದ ಮತದಾನ ಜಾಗೃತಿ ಕಾರ್ಯಕ್ರಮದಲ್ಲಿ ಮಾತನಾಡಿದ ಅವರು, ಪ್ರತಿಯೊಬ್ಬರೂ ತಪ್ಪದೇ ಮತ ಚಲಾಯಿಸಬೇಕು.
ಮತದಾನ ಪವಿತ್ರ ಕಾರ್ಯವಾಗಿದ್ದು ಎಲ್ಲರೂ ಕಡ್ಡಾಯವಾಗಿ ಮತ ಚಲಾಯಿಸಬೇಕು. ಯುವ ಮತದಾರರು ಹೆಚ್ಚಿನ ಸಂಖ್ಯೆಯಲ್ಲಿ ಮತದಾನ ಮಾಡಬೇಕು ಎಂದರು. ಈ ಸಂದರ್ಭದಲ್ಲಿ ಗ್ರಾ.ಪಂ. ಅಧ್ಯಕ್ಷರು, ಸದಸ್ಯರು, ಅಂಗನವಾಡಿ ಕಾರ್ಯಕರ್ತೆಯರು ಹಾಜರಿದ್ದರು.
ಎಂಬುದನ್ನು ಸಾಬೀತುಪಡಿಸಬೇಕು ಎಂದು ಕಿವಿಮಾತು ಹೇಳಿದರು. ಜಿಲ್ಲಾ ಪಂಚಾಯಿತಿ ಅಧಿಕಾರಿಗಳು ಮಾತನಾಡಿ ನಿಷ್ಪಕ್ಷಪಾತ ಮತದಾನದ ಬಗ್ಗೆ ಅರಿವು ಮೂಡಿಸಿದರು. ಗ್ರಾಮೀಣ ಪ್ರದೇಶದ ಜನರು ಹಣ, ಹೆಂಡದ ಆಮಿಷಕ್ಕೆ ಒಳಗಾಗದೆ ಮತ ಚಲಾಯಿಸಬೇಕು. ಪ್ರತಿ ಮತವೂ ಅಮೂಲ್ಯ.
ನೂತನ ಆಯುಕ್ತರಾಗಿ ಎಸ್. ಲೋಕೇಶ್ ಅಧಿಕಾರ ಸ್ವೀಕಾರ
ನಂಜನಗೂಡು, ಮಾ. 29– ನಂಜನಗೂಡು ನಗರಸಭೆಯ ನೂತನ ಆಯುಕ್ತರಾಗಿ ಎಸ್. ಲೋಕೇಶ್ ಅವರು ಅಧಿಕಾರ ಸ್ವೀಕರಿಸಿದರು. ಕಳೆದ 3 ವರ್ಷದಿಂದ ಆಯುಕ್ತರಾಗಿ ಕರ್ತವ್ಯ ನಿರ್ವಹಿಸುತ್ತಿದ್ದ
ಶ್ರೀಕಂಠ ಅವರು ವರ್ಗಾವಣೆಗೊಂಡ ಹಿನ್ನೆಲೆಯಲ್ಲಿ ಲೋಕೇಶ್ ಅವರು ಅಧಿಕಾರ ವಹಿಸಿಕೊಂಡರು. ಈ ಸಂದರ್ಭದಲ್ಲಿ ನಗರಸಭೆ ಅಧಿಕಾರಿಗಳು, ಸಿಬ್ಬಂದಿ ಹಾಗೂ ಸದಸ್ಯರು ಹಾಜರಿದ್ದು ನೂತನ ಆಯುಕ್ತರನ್ನು ಅಭಿನಂದಿಸಿದರು. ನಗರದ ಅಭಿವೃದ್ಧಿಗೆ ಶ್ರಮಿಸುವುದಾಗಿ ಅವರು ಹೇಳಿದರು.
ತಾಯಿ, ಶಿಶುವಿನ ಮರಣ ಪ್ರಮಾಣ ತಡೆಗಟ್ಟಲು ಯೋಜನೆಗಳು
ಹುಣಸೂರು, ಮಾ.29 (ಕೆಕೆ)– ರಾಜ್ಯದ ಆರೋಗ್ಯ ಇಲಾಖೆಯಿಂದ ತಾಯಿ ಮತ್ತು ಶಿಶುವಿನ ಮರಣ ಪ್ರಮಾಣವನ್ನು ತಡೆಗಟ್ಟಲು ಹಲವು ಯೋಜನೆಗಳನ್ನು ಜಾರಿಗೆ ತರಲಾಗಿದ್ದು, ಇವುಗಳ ಸದುಪಯೋಗ ಪಡೆದುಕೊಳ್ಳಬೇಕು ಎಂದು ಆರೋಗ್ಯಾಧಿಕಾರಿ ತಿಳಿಸಿದರು. ತಾಲೂಕಿನ ಹೊಸೂರು ಗ್ರಾಮದಲ್ಲಿ ಗರ್ಭಿಣಿಯರು ಹಾಗೂ ಬಾಣಂತಿಯರಿಗೆ ಏರ್ಪಡಿಸಿದ್ದ ಅರಿವು ಕಾರ್ಯಕ್ರಮದಲ್ಲಿ ಮಾತನಾಡಿದರು. ಗರ್ಭಿಣಿಯರು ನಿಯಮಿತವಾಗಿ ಆರೋಗ್ಯ ತಪಾಸಣೆ ಮಾಡಿಸಿಕೊಳ್ಳಬೇಕು ಎಂದರು.
ಹುಣಸೂರು ತಾಲೂಕಿನ ಹೊಸೂರಿನಲ್ಲಿ ಆರೋಗ್ಯ ಇಲಾಖೆ ಏರ್ಪಡಿಸಿದ್ದ ಅರಿವು ಕಾರ್ಯಕ್ರಮದಲ್ಲಿ ಆರೋಗ್ಯಾಧಿಕಾರಿ ಮಾತನಾಡಿದರು.
ರೋಗಗಳಿಂದ ರಕ್ಷಿಸಲು ಮಗುವಿಗೆ ಕಾಲಕಾಲಕ್ಕೆ ಲಸಿಕೆ ಹಾಕಿಸಬೇಕು. ಆಸ್ಪತ್ರೆಯಲ್ಲೇ ಹೆರಿಗೆ ಮಾಡಿಸಿಕೊಳ್ಳಬೇಕು. ಜನನಿ ಸುರಕ್ಷಾ ಯೋಜನೆಯ ಸೌಲಭ್ಯ ಪಡೆಯಬೇಕು. ತಾಯಿ ಕಾರ್ಡ್ ಪಡೆದು ಪೌಷ್ಟಿಕ ಆಹಾರ ಸೇವಿಸಬೇಕು ಎಂದು ಸಲಹೆ ನೀಡಿದರು.
ಮಕ್ಕಳಿಗೆ ಒಂಬತ್ತು ಮಾರಣಾಂತಿಕ ರೋಗಗಳಿಂದ ರಕ್ಷಣೆ ಪಡೆಯಲು ಲಸಿಕೆ ಹಾಕಿಸಬೇಕು. ಆರು ತಿಂಗಳವರೆಗೆ ಎದೆಹಾಲು ಮಾತ್ರ ನೀಡಬೇಕು ಎಂದರು. ಈ ಸಂದರ್ಭದಲ್ಲಿ ಆಶಾ ಕಾರ್ಯಕರ್ತೆಯರು, ಅಂಗನವಾಡಿ ಕಾರ್ಯಕರ್ತೆಯರು ಹಾಗೂ ಗ್ರಾಮಸ್ಥರು ಹಾಜರಿದ್ದರು.
ಮಕ್ಕಳಿಗೆ ಒಂಬತ್ತು ಮಾರಣಾಂತಿಕ ರೋಗಗಳಿಂದ ರಕ್ಷಣೆ ಪಡೆಯಲು ಲಸಿಕೆ ಹಾಕಿಸಬೇಕು. ಆರು ತಿಂಗಳವರೆಗೆ ಎದೆಹಾಲು ಮಾತ್ರ ನೀಡಬೇಕು ಎಂದರು. ಈ ಸಂದರ್ಭದಲ್ಲಿ ಆಶಾ ಕಾರ್ಯಕರ್ತೆಯರು, ಅಂಗನವಾಡಿ ಕಾರ್ಯಕರ್ತೆಯರು ಹಾಗೂ ಗ್ರಾಮಸ್ಥರು ಹಾಜರಿದ್ದರು.
